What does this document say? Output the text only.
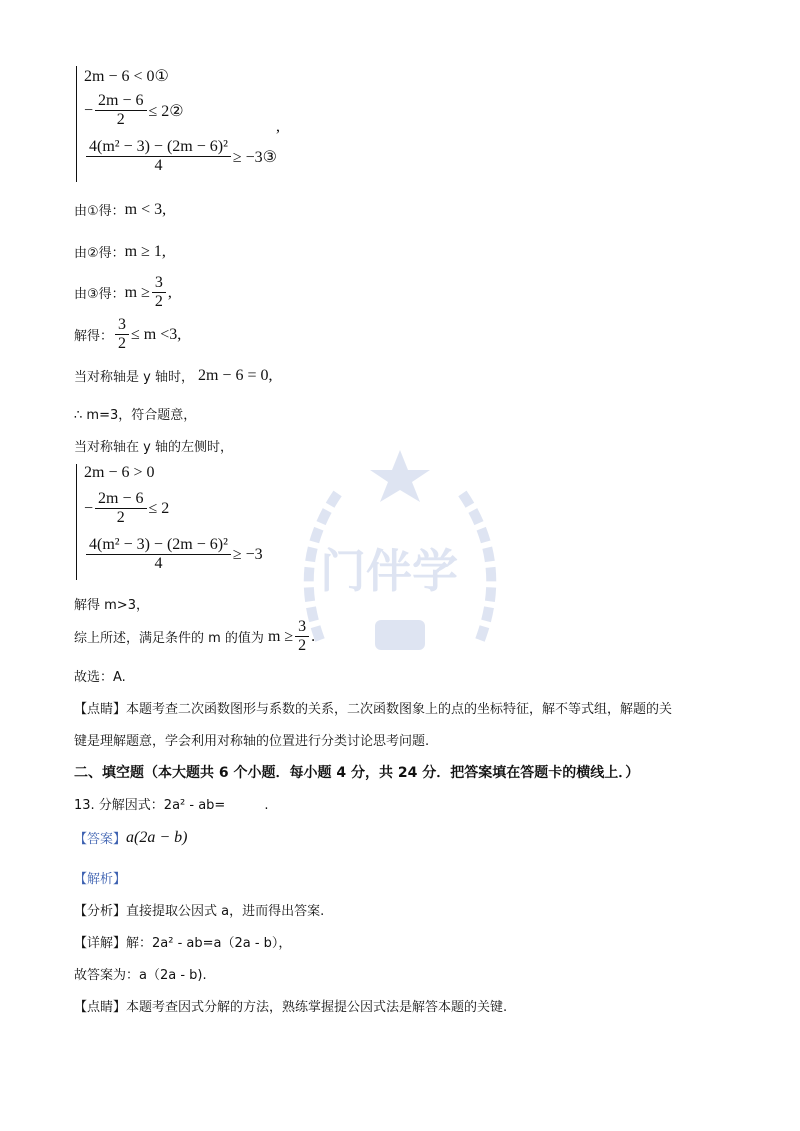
门伴学
2m − 6 < 0①
− $\frac{2m - 6}{2}$ ≤ 2②
$\frac{\text{4(m² − 3) − (2m − 6)²}}{4}$ ≥ −3③
,
由①得： m < 3,
由②得： m ≥ 1,
由③得： $m \ge \frac{3}{2}$ ,
解得： $\frac{3}{2} \le m <3$,
当对称轴是 y 轴时， 2m − 6 = 0,
∴ m=3，符合题意，
当对称轴在 y 轴的左侧时，
2m − 6 > 0
− $\frac{2m - 6}{2} \le 2$
$\frac{\text{4(m² − 3) − (2m − 6)²}}{4} \ge -3$
解得 m>3，
综上所述，满足条件的 m 的值为 $m \ge \frac{3}{2}$ .
故选：A.
【点睛】本题考查二次函数图形与系数的关系，二次函数图象上的点的坐标特征，解不等式组，解题的关
键是理解题意，学会利用对称轴的位置进行分类讨论思考问题.
二、填空题（本大题共 6 个小题．每小题 4 分，共 24 分．把答案填在答题卡的横线上．）
13. 分解因式：2a² - ab=　　　.
【答案】 a(2a − b)
【解析】
【分析】直接提取公因式 a，进而得出答案.
【详解】解：2a² - ab=a（2a - b），
故答案为：a（2a - b).
【点睛】本题考查因式分解的方法，熟练掌握提公因式法是解答本题的关键.
